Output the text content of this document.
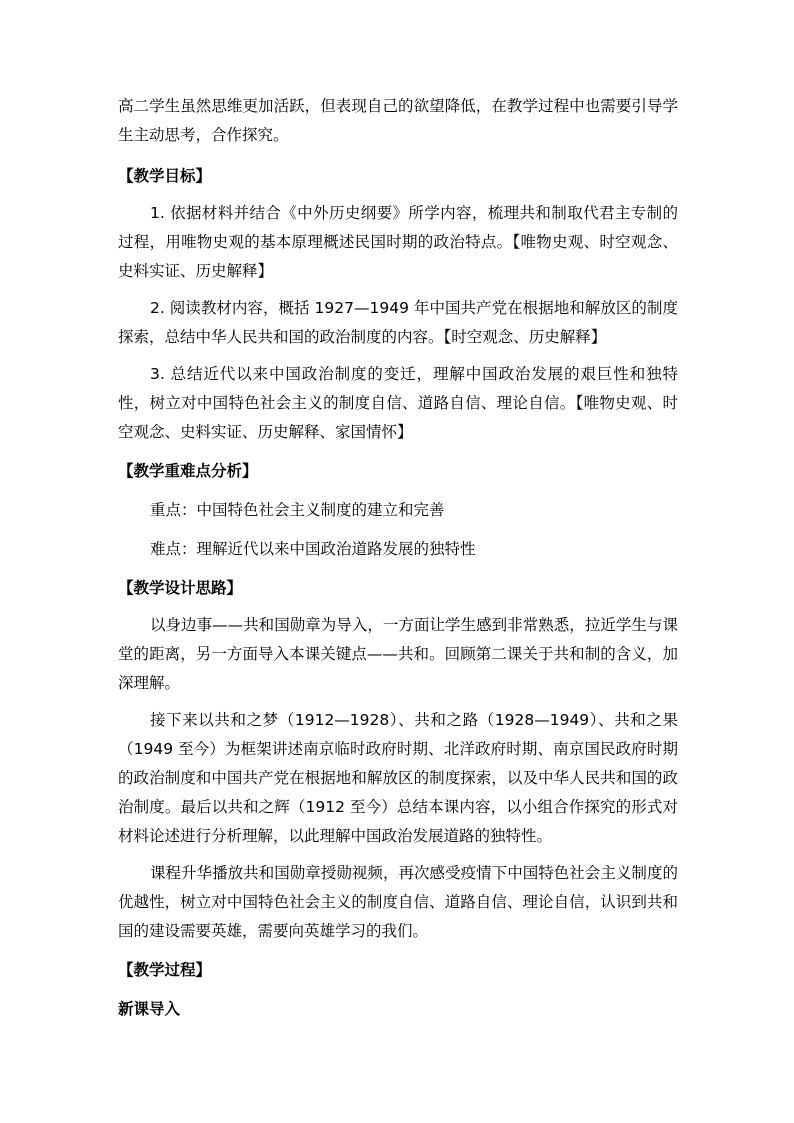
高二学生虽然思维更加活跃，但表现自己的欲望降低，在教学过程中也需要引导学生主动思考，合作探究。

【教学目标】

1. 依据材料并结合《中外历史纲要》所学内容，梳理共和制取代君主专制的过程，用唯物史观的基本原理概述民国时期的政治特点。【唯物史观、时空观念、史料实证、历史解释】

2. 阅读教材内容，概括 1927—1949 年中国共产党在根据地和解放区的制度探索，总结中华人民共和国的政治制度的内容。【时空观念、历史解释】

3. 总结近代以来中国政治制度的变迁，理解中国政治发展的艰巨性和独特性，树立对中国特色社会主义的制度自信、道路自信、理论自信。【唯物史观、时空观念、史料实证、历史解释、家国情怀】

【教学重难点分析】

重点：中国特色社会主义制度的建立和完善

难点：理解近代以来中国政治道路发展的独特性

【教学设计思路】

以身边事——共和国勋章为导入，一方面让学生感到非常熟悉，拉近学生与课堂的距离，另一方面导入本课关键点——共和。回顾第二课关于共和制的含义，加深理解。

接下来以共和之梦（1912—1928）、共和之路（1928—1949）、共和之果（1949 至今）为框架讲述南京临时政府时期、北洋政府时期、南京国民政府时期的政治制度和中国共产党在根据地和解放区的制度探索，以及中华人民共和国的政治制度。最后以共和之辉（1912 至今）总结本课内容，以小组合作探究的形式对材料论述进行分析理解，以此理解中国政治发展道路的独特性。

课程升华播放共和国勋章授勋视频，再次感受疫情下中国特色社会主义制度的优越性，树立对中国特色社会主义的制度自信、道路自信、理论自信，认识到共和国的建设需要英雄，需要向英雄学习的我们。

【教学过程】

新课导入
